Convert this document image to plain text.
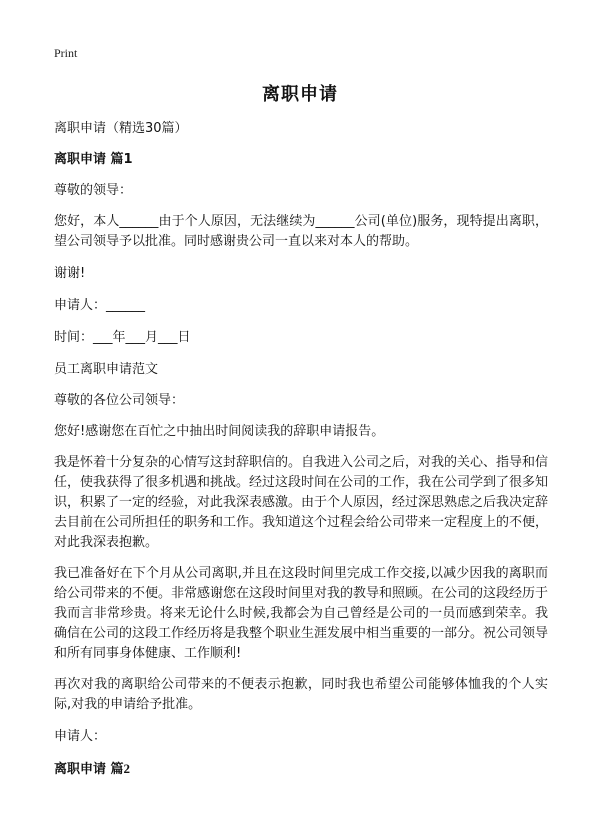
Print
离职申请

离职申请（精选30篇）

离职申请 篇1

尊敬的领导：

您好，本人______由于个人原因，无法继续为______公司(单位)服务，现特提出离职，望公司领导予以批准。同时感谢贵公司一直以来对本人的帮助。

谢谢!

申请人：______

时间：___年___月___日

员工离职申请范文

尊敬的各位公司领导：

您好!感谢您在百忙之中抽出时间阅读我的辞职申请报告。

我是怀着十分复杂的心情写这封辞职信的。自我进入公司之后，对我的关心、指导和信任，使我获得了很多机遇和挑战。经过这段时间在公司的工作，我在公司学到了很多知识，积累了一定的经验，对此我深表感激。由于个人原因，经过深思熟虑之后我决定辞去目前在公司所担任的职务和工作。我知道这个过程会给公司带来一定程度上的不便，对此我深表抱歉。

我已准备好在下个月从公司离职,并且在这段时间里完成工作交接,以减少因我的离职而给公司带来的不便。非常感谢您在这段时间里对我的教导和照顾。在公司的这段经历于我而言非常珍贵。将来无论什么时候,我都会为自己曾经是公司的一员而感到荣幸。我确信在公司的这段工作经历将是我整个职业生涯发展中相当重要的一部分。祝公司领导和所有同事身体健康、工作顺利!

再次对我的离职给公司带来的不便表示抱歉，同时我也希望公司能够体恤我的个人实际,对我的申请给予批准。

申请人：

离职申请 篇2
